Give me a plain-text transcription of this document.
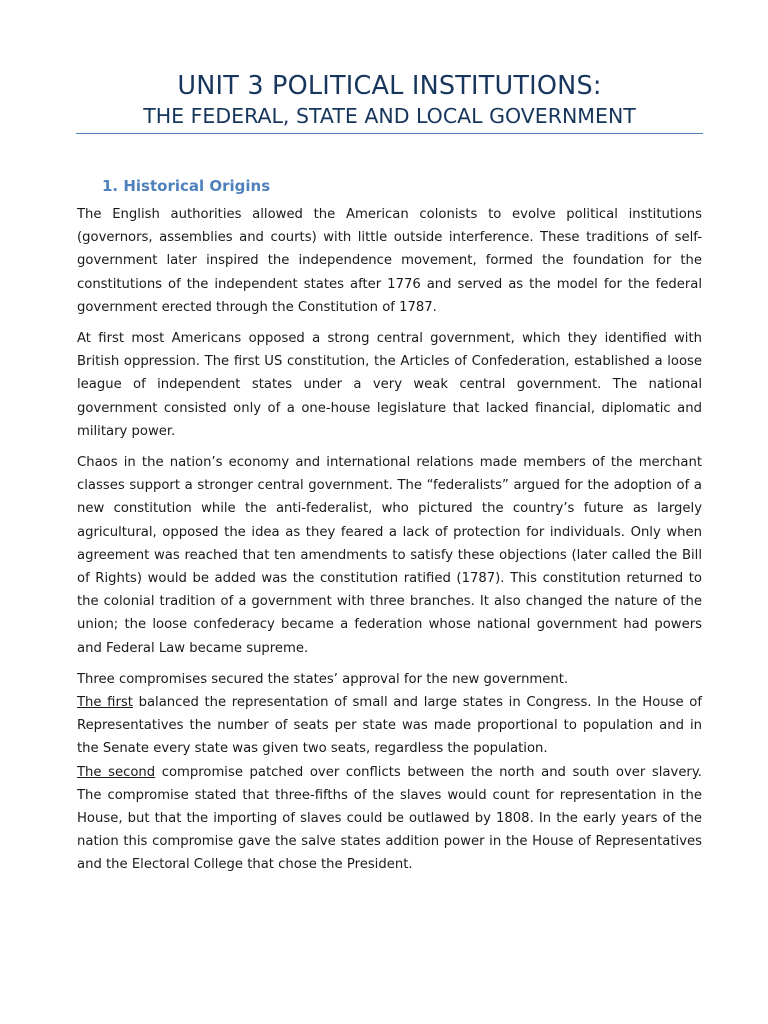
UNIT 3 POLITICAL INSTITUTIONS:
THE FEDERAL, STATE AND LOCAL GOVERNMENT
1. Historical Origins

The English authorities allowed the American colonists to evolve political institutions (governors, assemblies and courts) with little outside interference. These traditions of self-government later inspired the independence movement, formed the foundation for the constitutions of the independent states after 1776 and served as the model for the federal government erected through the Constitution of 1787.

At first most Americans opposed a strong central government, which they identified with British oppression. The first US constitution, the Articles of Confederation, established a loose league of independent states under a very weak central government. The national government consisted only of a one-house legislature that lacked financial, diplomatic and military power.

Chaos in the nation’s economy and international relations made members of the merchant classes support a stronger central government. The “federalists” argued for the adoption of a new constitution while the anti-federalist, who pictured the country’s future as largely agricultural, opposed the idea as they feared a lack of protection for individuals. Only when agreement was reached that ten amendments to satisfy these objections (later called the Bill of Rights) would be added was the constitution ratified (1787). This constitution returned to the colonial tradition of a government with three branches. It also changed the nature of the union; the loose confederacy became a federation whose national government had powers and Federal Law became supreme.

Three compromises secured the states’ approval for the new government.

The first balanced the representation of small and large states in Congress. In the House of Representatives the number of seats per state was made proportional to population and in the Senate every state was given two seats, regardless the population.

The second compromise patched over conflicts between the north and south over slavery. The compromise stated that three-fifths of the slaves would count for representation in the House, but that the importing of slaves could be outlawed by 1808. In the early years of the nation this compromise gave the salve states addition power in the House of Representatives and the Electoral College that chose the President.
